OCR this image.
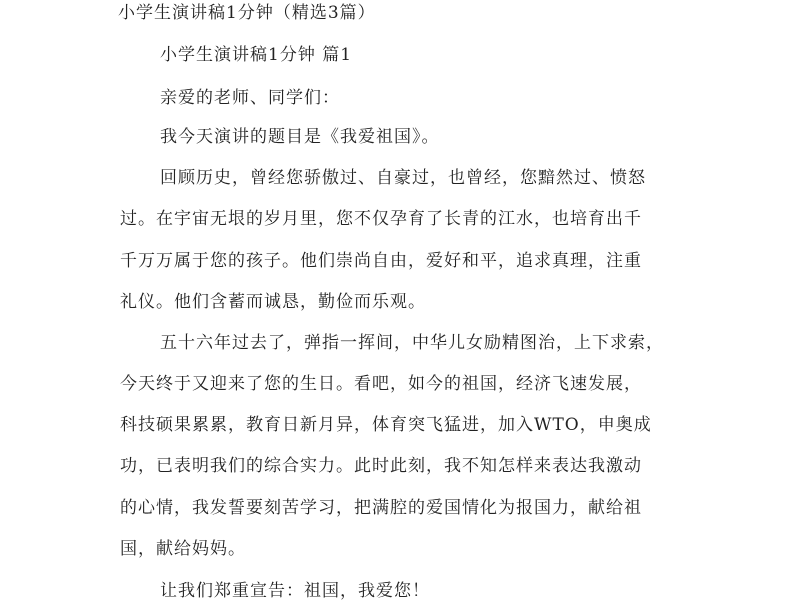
小学生演讲稿1分钟（精选3篇）
小学生演讲稿1分钟 篇1
亲爱的老师、同学们：
我今天演讲的题目是《我爱祖国》。
回顾历史，曾经您骄傲过、自豪过，也曾经，您黯然过、愤怒
过。在宇宙无垠的岁月里，您不仅孕育了长青的江水，也培育出千
千万万属于您的孩子。他们崇尚自由，爱好和平，追求真理，注重
礼仪。他们含蓄而诚恳，勤俭而乐观。
五十六年过去了，弹指一挥间，中华儿女励精图治，上下求索，
今天终于又迎来了您的生日。看吧，如今的祖国，经济飞速发展，
科技硕果累累，教育日新月异，体育突飞猛进，加入WTO，申奥成
功，已表明我们的综合实力。此时此刻，我不知怎样来表达我激动
的心情，我发誓要刻苦学习，把满腔的爱国情化为报国力，献给祖
国，献给妈妈。
让我们郑重宣告：祖国，我爱您！
